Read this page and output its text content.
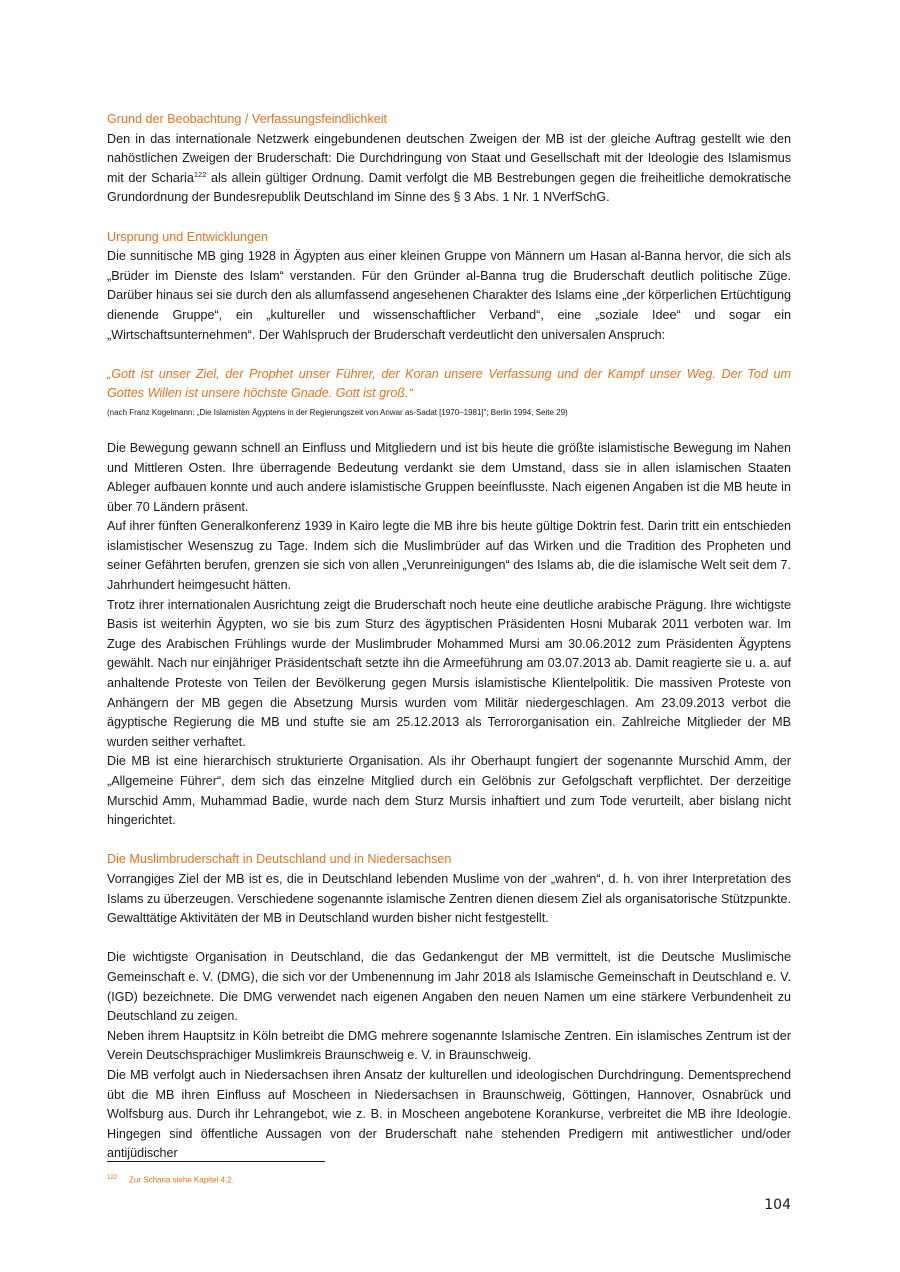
Grund der Beobachtung / Verfassungsfeindlichkeit

Den in das internationale Netzwerk eingebundenen deutschen Zweigen der MB ist der gleiche Auftrag gestellt wie den nahöstlichen Zweigen der Bruderschaft: Die Durchdringung von Staat und Gesellschaft mit der Ideologie des Islamismus mit der Scharia$^{122}$ als allein gültiger Ordnung. Damit verfolgt die MB Bestrebungen gegen die freiheitliche demokratische Grundordnung der Bundesrepublik Deutschland im Sinne des § 3 Abs. 1 Nr. 1 NVerfSchG.

Ursprung und Entwicklungen

Die sunnitische MB ging 1928 in Ägypten aus einer kleinen Gruppe von Männern um Hasan al-Banna hervor, die sich als „Brüder im Dienste des Islam“ verstanden. Für den Gründer al-Banna trug die Bruderschaft deutlich politische Züge. Darüber hinaus sei sie durch den als allumfassend angesehenen Charakter des Islams eine „der körperlichen Ertüchtigung dienende Gruppe“, ein „kultureller und wissenschaftlicher Verband“, eine „soziale Idee“ und sogar ein „Wirtschaftsunternehmen“. Der Wahlspruch der Bruderschaft verdeutlicht den universalen Anspruch:

„Gott ist unser Ziel, der Prophet unser Führer, der Koran unsere Verfassung und der Kampf unser Weg. Der Tod um Gottes Willen ist unsere höchste Gnade. Gott ist groß.“

(nach Franz Kogelmann: „Die Islamisten Ägyptens in der Regierungszeit von Anwar as-Sadat [1970–1981]“; Berlin 1994, Seite 29)

Die Bewegung gewann schnell an Einfluss und Mitgliedern und ist bis heute die größte islamistische Bewegung im Nahen und Mittleren Osten. Ihre überragende Bedeutung verdankt sie dem Umstand, dass sie in allen islamischen Staaten Ableger aufbauen konnte und auch andere islamistische Gruppen beeinflusste. Nach eigenen Angaben ist die MB heute in über 70 Ländern präsent.

Auf ihrer fünften Generalkonferenz 1939 in Kairo legte die MB ihre bis heute gültige Doktrin fest. Darin tritt ein entschieden islamistischer Wesenszug zu Tage. Indem sich die Muslimbrüder auf das Wirken und die Tradition des Propheten und seiner Gefährten berufen, grenzen sie sich von allen „Verunreinigungen“ des Islams ab, die die islamische Welt seit dem 7. Jahrhundert heimgesucht hätten.

Trotz ihrer internationalen Ausrichtung zeigt die Bruderschaft noch heute eine deutliche arabische Prägung. Ihre wichtigste Basis ist weiterhin Ägypten, wo sie bis zum Sturz des ägyptischen Präsidenten Hosni Mubarak 2011 verboten war. Im Zuge des Arabischen Frühlings wurde der Muslimbruder Mohammed Mursi am 30.06.2012 zum Präsidenten Ägyptens gewählt. Nach nur einjähriger Präsidentschaft setzte ihn die Armeeführung am 03.07.2013 ab. Damit reagierte sie u. a. auf anhaltende Proteste von Teilen der Bevölkerung gegen Mursis islamistische Klientelpolitik. Die massiven Proteste von Anhängern der MB gegen die Absetzung Mursis wurden vom Militär niedergeschlagen. Am 23.09.2013 verbot die ägyptische Regierung die MB und stufte sie am 25.12.2013 als Terrororganisation ein. Zahlreiche Mitglieder der MB wurden seither verhaftet.

Die MB ist eine hierarchisch strukturierte Organisation. Als ihr Oberhaupt fungiert der sogenannte Murschid Amm, der „Allgemeine Führer“, dem sich das einzelne Mitglied durch ein Gelöbnis zur Gefolgschaft verpflichtet. Der derzeitige Murschid Amm, Muhammad Badie, wurde nach dem Sturz Mursis inhaftiert und zum Tode verurteilt, aber bislang nicht hingerichtet.

Die Muslimbruderschaft in Deutschland und in Niedersachsen

Vorrangiges Ziel der MB ist es, die in Deutschland lebenden Muslime von der „wahren“, d. h. von ihrer Interpretation des Islams zu überzeugen. Verschiedene sogenannte islamische Zentren dienen diesem Ziel als organisatorische Stützpunkte. Gewalttätige Aktivitäten der MB in Deutschland wurden bisher nicht festgestellt.

Die wichtigste Organisation in Deutschland, die das Gedankengut der MB vermittelt, ist die Deutsche Muslimische Gemeinschaft e. V. (DMG), die sich vor der Umbenennung im Jahr 2018 als Islamische Gemeinschaft in Deutschland e. V. (IGD) bezeichnete. Die DMG verwendet nach eigenen Angaben den neuen Namen um eine stärkere Verbundenheit zu Deutschland zu zeigen.

Neben ihrem Hauptsitz in Köln betreibt die DMG mehrere sogenannte Islamische Zentren. Ein islamisches Zentrum ist der Verein Deutschsprachiger Muslimkreis Braunschweig e. V. in Braunschweig.

Die MB verfolgt auch in Niedersachsen ihren Ansatz der kulturellen und ideologischen Durchdringung. Dementsprechend übt die MB ihren Einfluss auf Moscheen in Niedersachsen in Braunschweig, Göttingen, Hannover, Osnabrück und Wolfsburg aus. Durch ihr Lehrangebot, wie z. B. in Moscheen angebotene Korankurse, verbreitet die MB ihre Ideologie. Hingegen sind öffentliche Aussagen von der Bruderschaft nahe stehenden Predigern mit antiwestlicher und/oder antijüdischer

$^{122}$ Zur Scharia siehe Kapitel 4.2.
104
